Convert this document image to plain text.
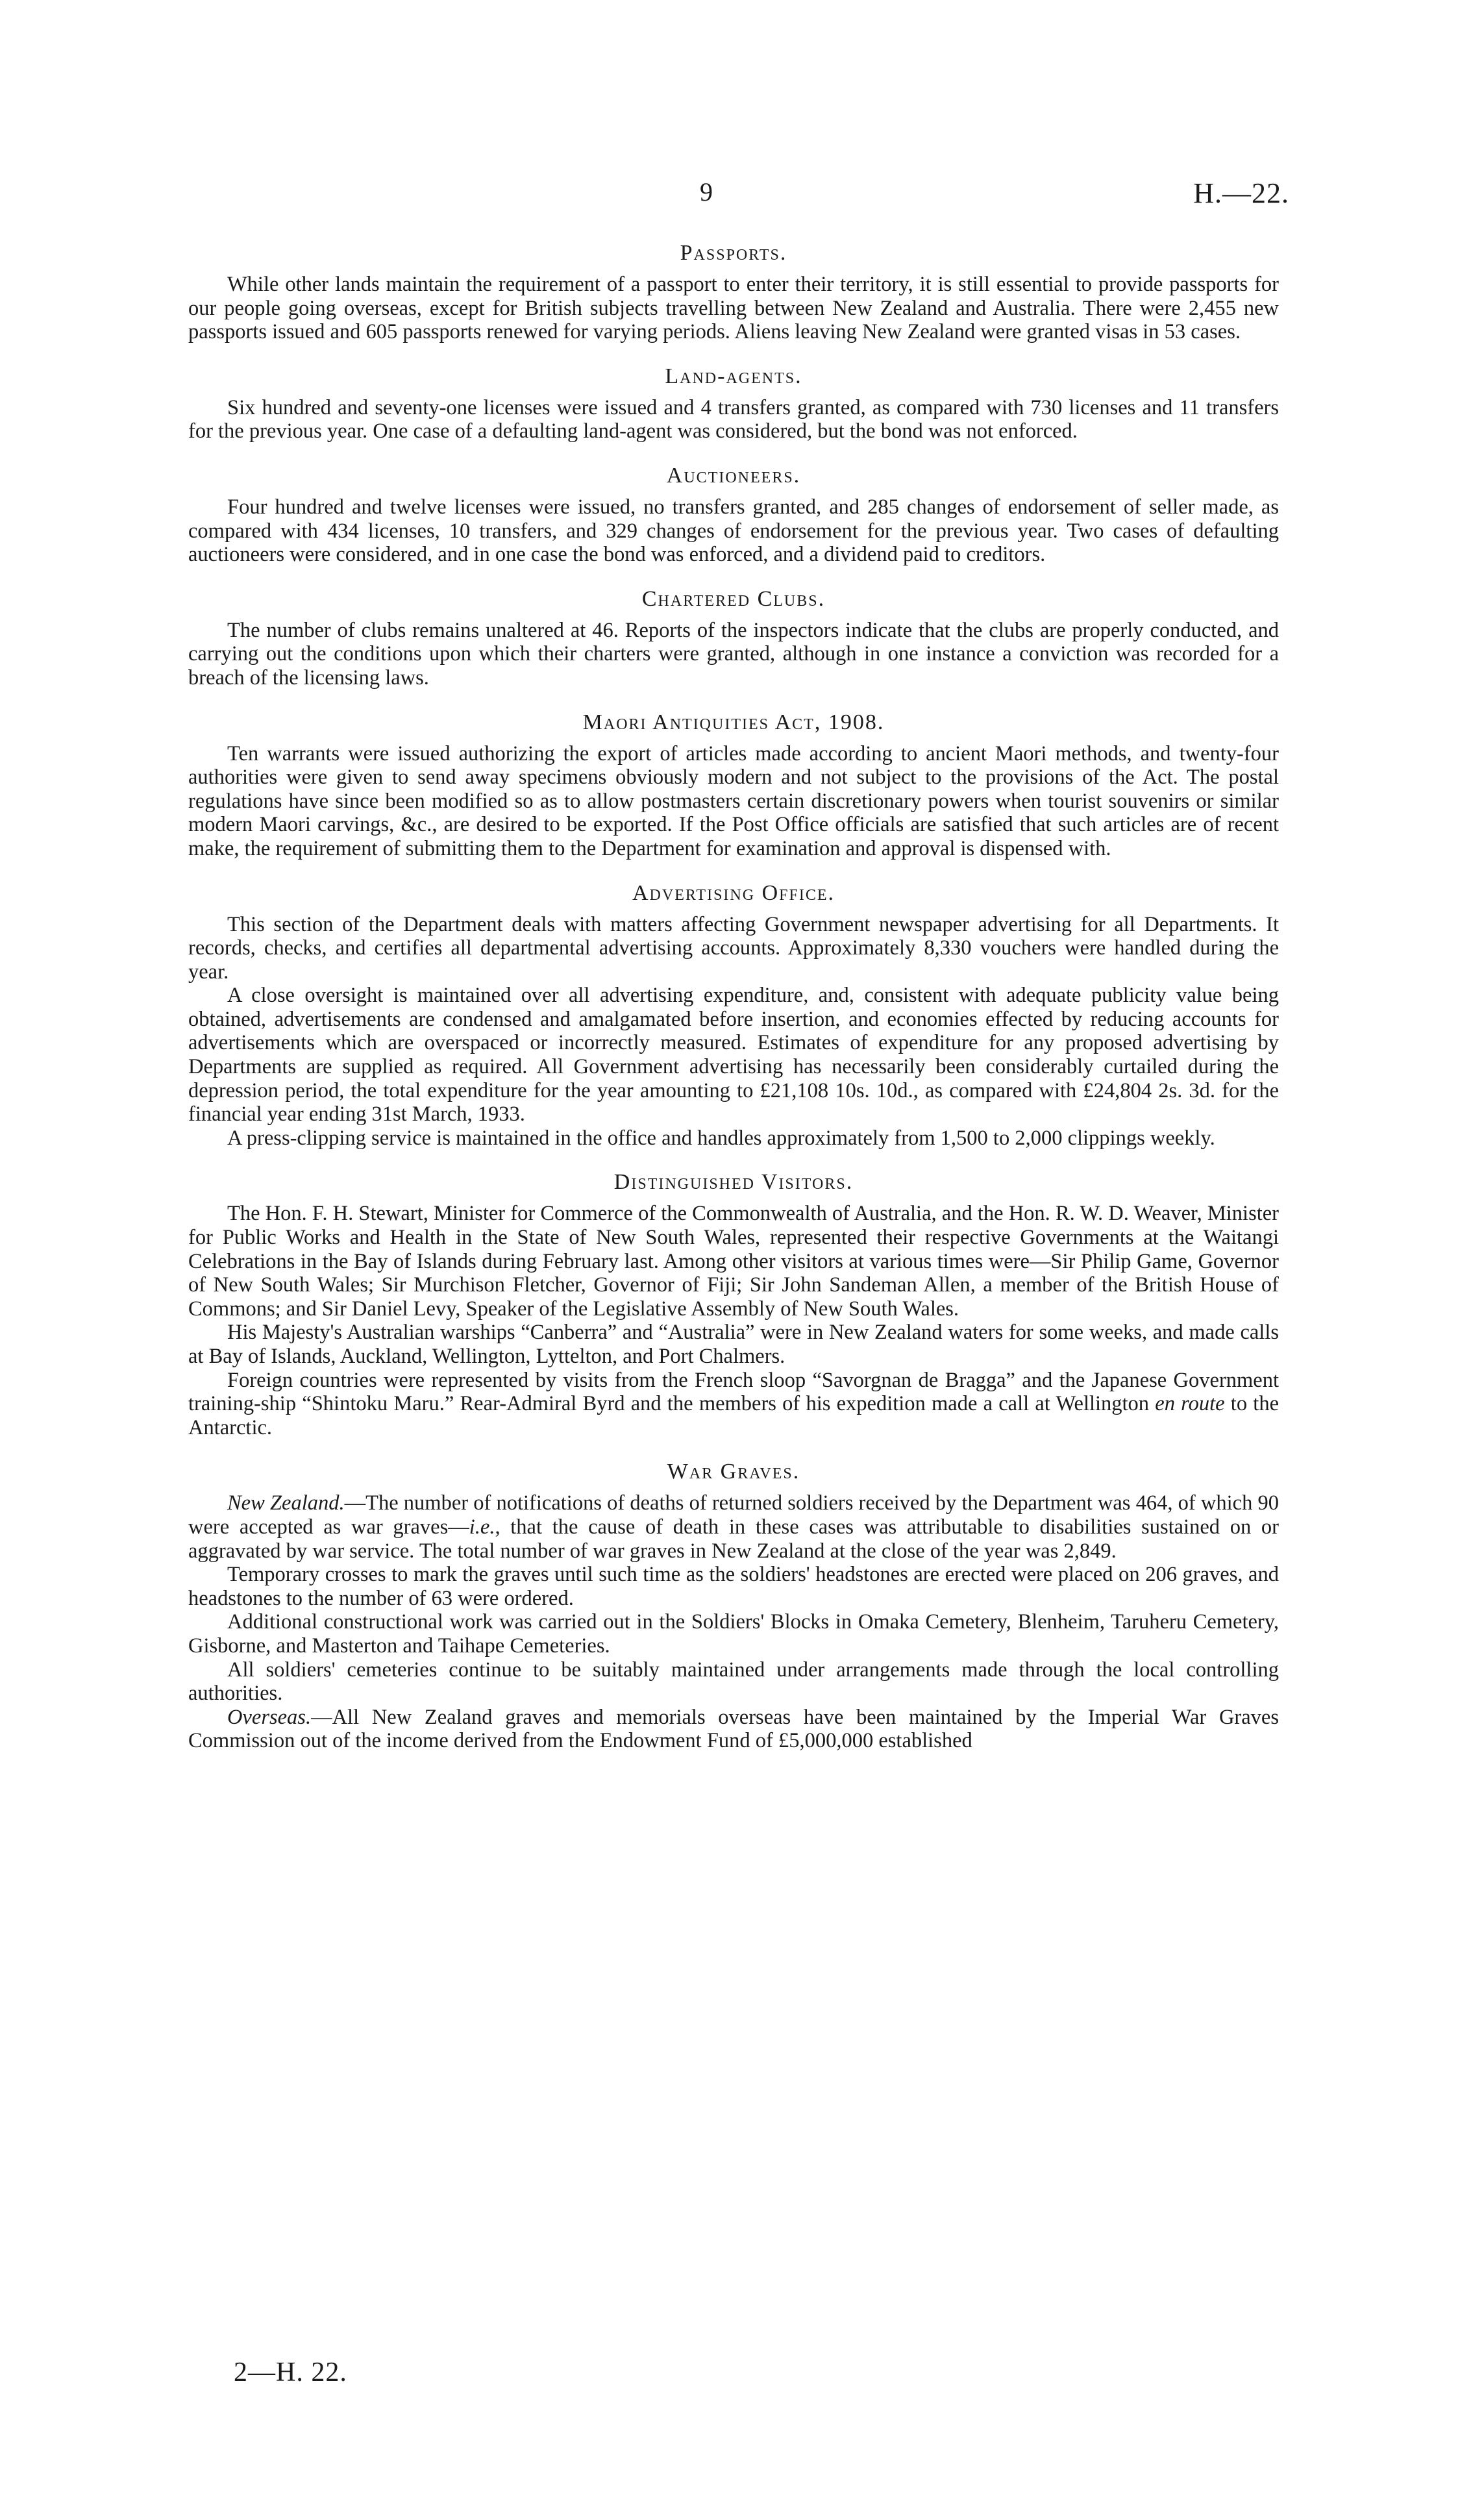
9	H.—22.
Passports.

While other lands maintain the requirement of a passport to enter their territory, it is still essential to provide passports for our people going overseas, except for British subjects travelling between New Zealand and Australia. There were 2,455 new passports issued and 605 passports renewed for varying periods. Aliens leaving New Zealand were granted visas in 53 cases.

Land-agents.

Six hundred and seventy-one licenses were issued and 4 transfers granted, as compared with 730 licenses and 11 transfers for the previous year. One case of a defaulting land-agent was considered, but the bond was not enforced.

Auctioneers.

Four hundred and twelve licenses were issued, no transfers granted, and 285 changes of endorsement of seller made, as compared with 434 licenses, 10 transfers, and 329 changes of endorsement for the previous year. Two cases of defaulting auctioneers were considered, and in one case the bond was enforced, and a dividend paid to creditors.

Chartered Clubs.

The number of clubs remains unaltered at 46. Reports of the inspectors indicate that the clubs are properly conducted, and carrying out the conditions upon which their charters were granted, although in one instance a conviction was recorded for a breach of the licensing laws.

Maori Antiquities Act, 1908.

Ten warrants were issued authorizing the export of articles made according to ancient Maori methods, and twenty-four authorities were given to send away specimens obviously modern and not subject to the provisions of the Act. The postal regulations have since been modified so as to allow postmasters certain discretionary powers when tourist souvenirs or similar modern Maori carvings, &c., are desired to be exported. If the Post Office officials are satisfied that such articles are of recent make, the requirement of submitting them to the Department for examination and approval is dispensed with.

Advertising Office.

This section of the Department deals with matters affecting Government newspaper advertising for all Departments. It records, checks, and certifies all departmental advertising accounts. Approximately 8,330 vouchers were handled during the year.

A close oversight is maintained over all advertising expenditure, and, consistent with adequate publicity value being obtained, advertisements are condensed and amalgamated before insertion, and economies effected by reducing accounts for advertisements which are overspaced or incorrectly measured. Estimates of expenditure for any proposed advertising by Departments are supplied as required. All Government advertising has necessarily been considerably curtailed during the depression period, the total expenditure for the year amounting to £21,108 10s. 10d., as compared with £24,804 2s. 3d. for the financial year ending 31st March, 1933.

A press-clipping service is maintained in the office and handles approximately from 1,500 to 2,000 clippings weekly.

Distinguished Visitors.

The Hon. F. H. Stewart, Minister for Commerce of the Commonwealth of Australia, and the Hon. R. W. D. Weaver, Minister for Public Works and Health in the State of New South Wales, represented their respective Governments at the Waitangi Celebrations in the Bay of Islands during February last. Among other visitors at various times were—Sir Philip Game, Governor of New South Wales; Sir Murchison Fletcher, Governor of Fiji; Sir John Sandeman Allen, a member of the British House of Commons; and Sir Daniel Levy, Speaker of the Legislative Assembly of New South Wales.

His Majesty's Australian warships “Canberra” and “Australia” were in New Zealand waters for some weeks, and made calls at Bay of Islands, Auckland, Wellington, Lyttelton, and Port Chalmers.

Foreign countries were represented by visits from the French sloop “Savorgnan de Bragga” and the Japanese Government training-ship “Shintoku Maru.” Rear-Admiral Byrd and the members of his expedition made a call at Wellington en route to the Antarctic.

War Graves.

New Zealand.—The number of notifications of deaths of returned soldiers received by the Department was 464, of which 90 were accepted as war graves—i.e., that the cause of death in these cases was attributable to disabilities sustained on or aggravated by war service. The total number of war graves in New Zealand at the close of the year was 2,849.

Temporary crosses to mark the graves until such time as the soldiers' headstones are erected were placed on 206 graves, and headstones to the number of 63 were ordered.

Additional constructional work was carried out in the Soldiers' Blocks in Omaka Cemetery, Blenheim, Taruheru Cemetery, Gisborne, and Masterton and Taihape Cemeteries.

All soldiers' cemeteries continue to be suitably maintained under arrangements made through the local controlling authorities.

Overseas.—All New Zealand graves and memorials overseas have been maintained by the Imperial War Graves Commission out of the income derived from the Endowment Fund of £5,000,000 established

2—H. 22.
